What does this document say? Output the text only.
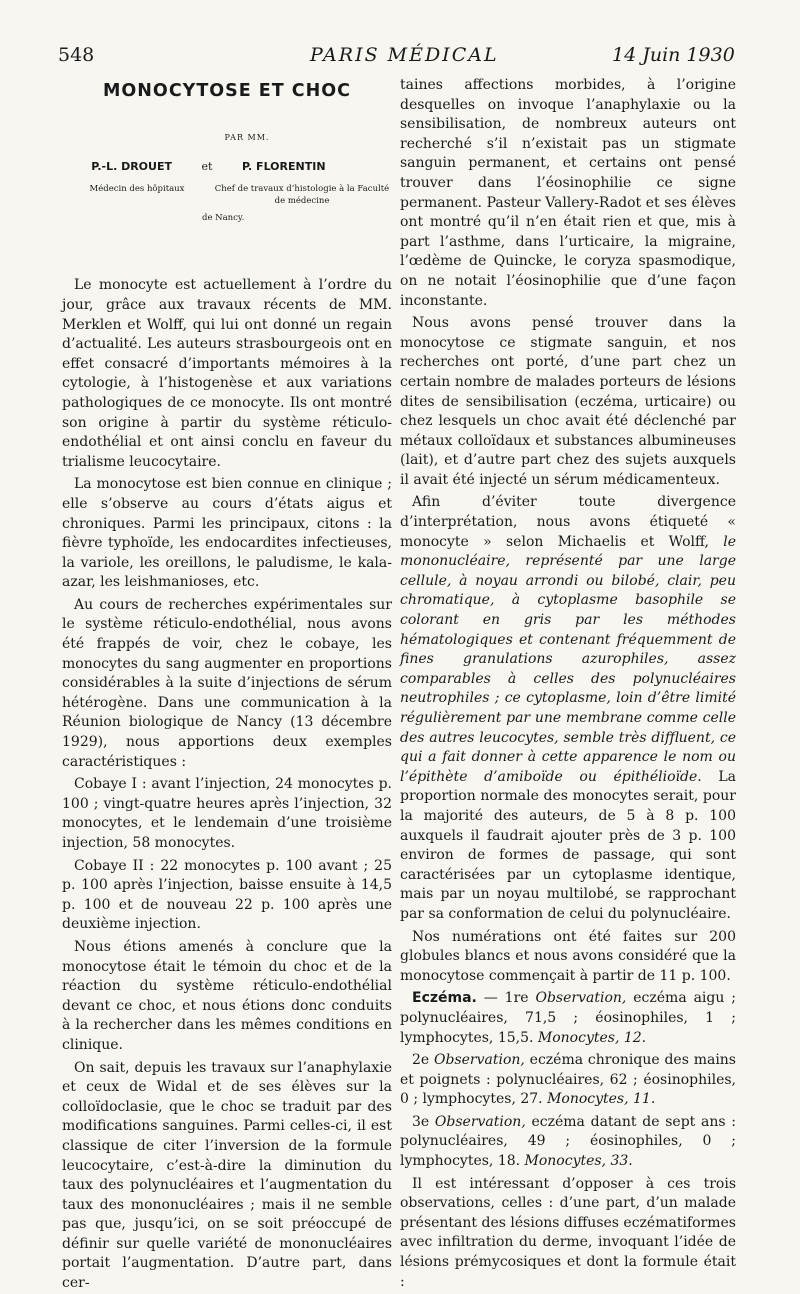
548	PARIS MÉDICAL	14 Juin 1930
MONOCYTOSE ET CHOC
PAR MM.
P.-L. DROUET	et	P. FLORENTIN
Médecin des hôpitaux	Chef de travaux d’histologie à la Faculté de médecine
de Nancy.

Le monocyte est actuellement à l’ordre du jour, grâce aux travaux récents de MM. Merklen et Wolff, qui lui ont donné un regain d’actualité. Les auteurs strasbourgeois ont en effet consacré d’importants mémoires à la cytologie, à l’histogenèse et aux variations pathologiques de ce monocyte. Ils ont montré son origine à partir du système réticulo-endothélial et ont ainsi conclu en faveur du trialisme leucocytaire.

La monocytose est bien connue en clinique ; elle s’observe au cours d’états aigus et chroniques. Parmi les principaux, citons : la fièvre typhoïde, les endocardites infectieuses, la variole, les oreillons, le paludisme, le kala-azar, les leishmanioses, etc.

Au cours de recherches expérimentales sur le système réticulo-endothélial, nous avons été frappés de voir, chez le cobaye, les monocytes du sang augmenter en proportions considérables à la suite d’injections de sérum hétérogène. Dans une communication à la Réunion biologique de Nancy (13 décembre 1929), nous apportions deux exemples caractéristiques :

Cobaye I : avant l’injection, 24 monocytes p. 100 ; vingt-quatre heures après l’injection, 32 monocytes, et le lendemain d’une troisième injection, 58 monocytes.

Cobaye II : 22 monocytes p. 100 avant ; 25 p. 100 après l’injection, baisse ensuite à 14,5 p. 100 et de nouveau 22 p. 100 après une deuxième injection.

Nous étions amenés à conclure que la monocytose était le témoin du choc et de la réaction du système réticulo-endothélial devant ce choc, et nous étions donc conduits à la rechercher dans les mêmes conditions en clinique.

On sait, depuis les travaux sur l’anaphylaxie et ceux de Widal et de ses élèves sur la colloïdoclasie, que le choc se traduit par des modifications sanguines. Parmi celles-ci, il est classique de citer l’inversion de la formule leucocytaire, c’est-à-dire la diminution du taux des polynucléaires et l’augmentation du taux des mononucléaires ; mais il ne semble pas que, jusqu’ici, on se soit préoccupé de définir sur quelle variété de mononucléaires portait l’augmentation. D’autre part, dans cer-

taines affections morbides, à l’origine desquelles on invoque l’anaphylaxie ou la sensibilisation, de nombreux auteurs ont recherché s’il n’existait pas un stigmate sanguin permanent, et certains ont pensé trouver dans l’éosinophilie ce signe permanent. Pasteur Vallery-Radot et ses élèves ont montré qu’il n’en était rien et que, mis à part l’asthme, dans l’urticaire, la migraine, l’œdème de Quincke, le coryza spasmodique, on ne notait l’éosinophilie que d’une façon inconstante.

Nous avons pensé trouver dans la monocytose ce stigmate sanguin, et nos recherches ont porté, d’une part chez un certain nombre de malades porteurs de lésions dites de sensibilisation (eczéma, urticaire) ou chez lesquels un choc avait été déclenché par métaux colloïdaux et substances albumineuses (lait), et d’autre part chez des sujets auxquels il avait été injecté un sérum médicamenteux.

Afin d’éviter toute divergence d’interprétation, nous avons étiqueté « monocyte » selon Michaelis et Wolff, le mononucléaire, représenté par une large cellule, à noyau arrondi ou bilobé, clair, peu chromatique, à cytoplasme basophile se colorant en gris par les méthodes hématologiques et contenant fréquemment de fines granulations azurophiles, assez comparables à celles des polynucléaires neutrophiles ; ce cytoplasme, loin d’être limité régulièrement par une membrane comme celle des autres leucocytes, semble très diffluent, ce qui a fait donner à cette apparence le nom ou l’épithète d’amiboïde ou épithélioïde. La proportion normale des monocytes serait, pour la majorité des auteurs, de 5 à 8 p. 100 auxquels il faudrait ajouter près de 3 p. 100 environ de formes de passage, qui sont caractérisées par un cytoplasme identique, mais par un noyau multilobé, se rapprochant par sa conformation de celui du polynucléaire.

Nos numérations ont été faites sur 200 globules blancs et nous avons considéré que la monocytose commençait à partir de 11 p. 100.

Eczéma. — 1re Observation, eczéma aigu ; polynucléaires, 71,5 ; éosinophiles, 1 ; lymphocytes, 15,5. Monocytes, 12.

2e Observation, eczéma chronique des mains et poignets : polynucléaires, 62 ; éosinophiles, 0 ; lymphocytes, 27. Monocytes, 11.

3e Observation, eczéma datant de sept ans : polynucléaires, 49 ; éosinophiles, 0 ; lymphocytes, 18. Monocytes, 33.

Il est intéressant d’opposer à ces trois observations, celles : d’une part, d’un malade présentant des lésions diffuses eczématiformes avec infiltration du derme, invoquant l’idée de lésions prémycosiques et dont la formule était :
